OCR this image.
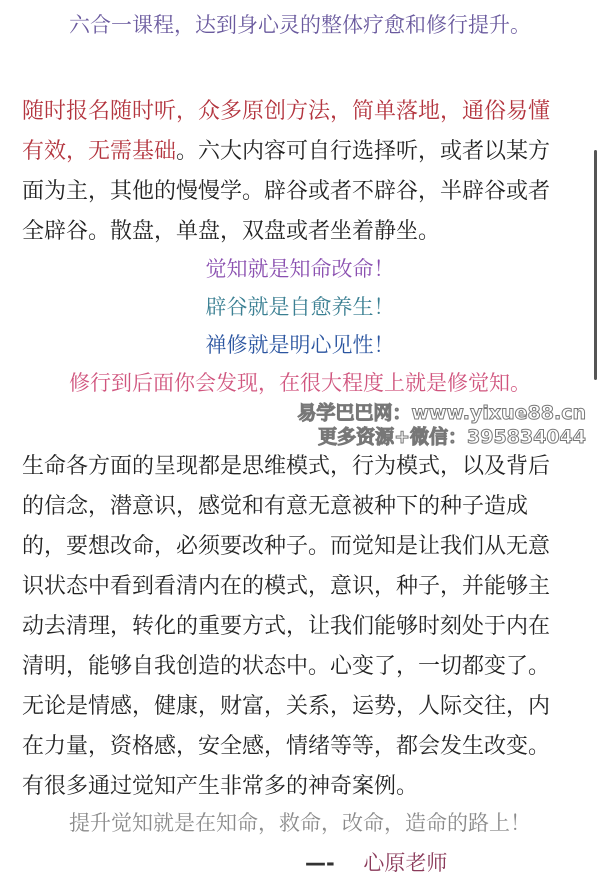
六合一课程，达到身心灵的整体疗愈和修行提升。
随时报名随时听，众多原创方法，简单落地，通俗易懂
有效，无需基础。六大内容可自行选择听，或者以某方
面为主，其他的慢慢学。辟谷或者不辟谷，半辟谷或者
全辟谷。散盘，单盘，双盘或者坐着静坐。
觉知就是知命改命！
辟谷就是自愈养生！
禅修就是明心见性！
修行到后面你会发现，在很大程度上就是修觉知。
易学巴巴网：www.yixue88.cn
更多资源+微信：395834044
生命各方面的呈现都是思维模式，行为模式，以及背后
的信念，潜意识，感觉和有意无意被种下的种子造成
的，要想改命，必须要改种子。而觉知是让我们从无意
识状态中看到看清内在的模式，意识，种子，并能够主
动去清理，转化的重要方式，让我们能够时刻处于内在
清明，能够自我创造的状态中。心变了，一切都变了。
无论是情感，健康，财富，关系，运势，人际交往，内
在力量，资格感，安全感，情绪等等，都会发生改变。
有很多通过觉知产生非常多的神奇案例。
提升觉知就是在知命，救命，改命，造命的路上！
—- 心原老师
